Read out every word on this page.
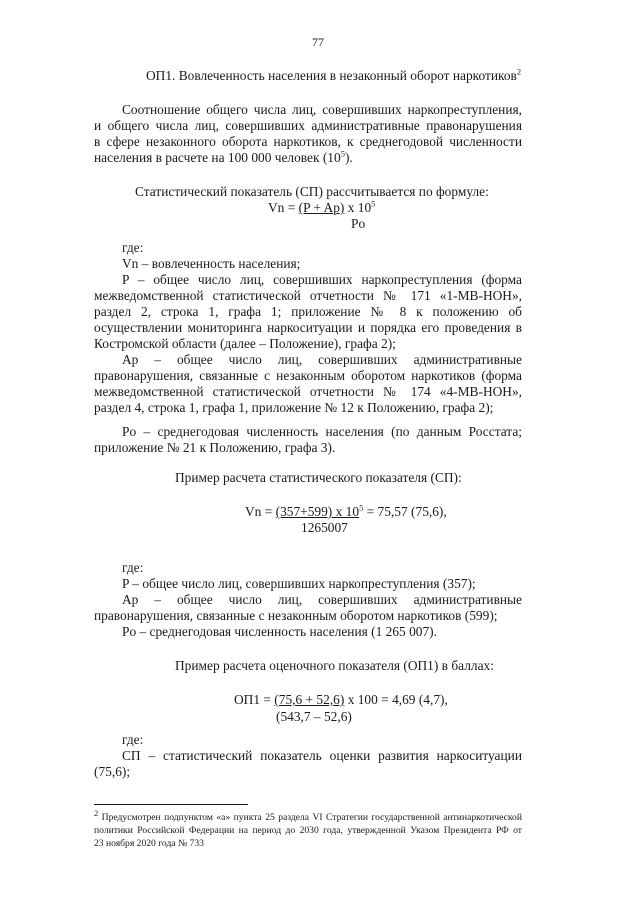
77
ОП1. Вовлеченность населения в незаконный оборот наркотиков$^2$
Соотношение общего числа лиц, совершивших наркопреступления,
и общего числа лиц, совершивших административные правонарушения
в сфере незаконного оборота наркотиков, к среднегодовой численности
населения в расчете на 100 000 человек $(10^5)$.
Статистический показатель (СП) рассчитывается по формуле:
Vn = (P + Ap) x $10^5$
Po
где:
Vn – вовлеченность населения;
P – общее число лиц, совершивших наркопреступления (форма
межведомственной статистической отчетности № 171 «1-МВ-НОН»,
раздел 2, строка 1, графа 1; приложение № 8 к положению об
осуществлении мониторинга наркоситуации и порядка его проведения в
Костромской области (далее – Положение), графа 2);
Ap – общее число лиц, совершивших административные
правонарушения, связанные с незаконным оборотом наркотиков (форма
межведомственной статистической отчетности № 174 «4-МВ-НОН»,
раздел 4, строка 1, графа 1, приложение № 12 к Положению, графа 2);
Po – среднегодовая численность населения (по данным Росстата;
приложение № 21 к Положению, графа 3).
Пример расчета статистического показателя (СП):
Vn = (357+599) x $10^5 = 75,57$ (75,6),
1265007
где:
P – общее число лиц, совершивших наркопреступления (357);
Ap – общее число лиц, совершивших административные
правонарушения, связанные с незаконным оборотом наркотиков (599);
Po – среднегодовая численность населения (1 265 007).
Пример расчета оценочного показателя (ОП1) в баллах:
ОП1 = (75,6 + 52,6) x 100 = 4,69 (4,7),
(543,7 – 52,6)
где:
СП – статистический показатель оценки развития наркоситуации
(75,6);
$^2$ Предусмотрен подпунктом «а» пункта 25 раздела VI Стратегии государственной антинаркотической
политики Российской Федерации на период до 2030 года, утвержденной Указом Президента РФ от
23 ноября 2020 года № 733
